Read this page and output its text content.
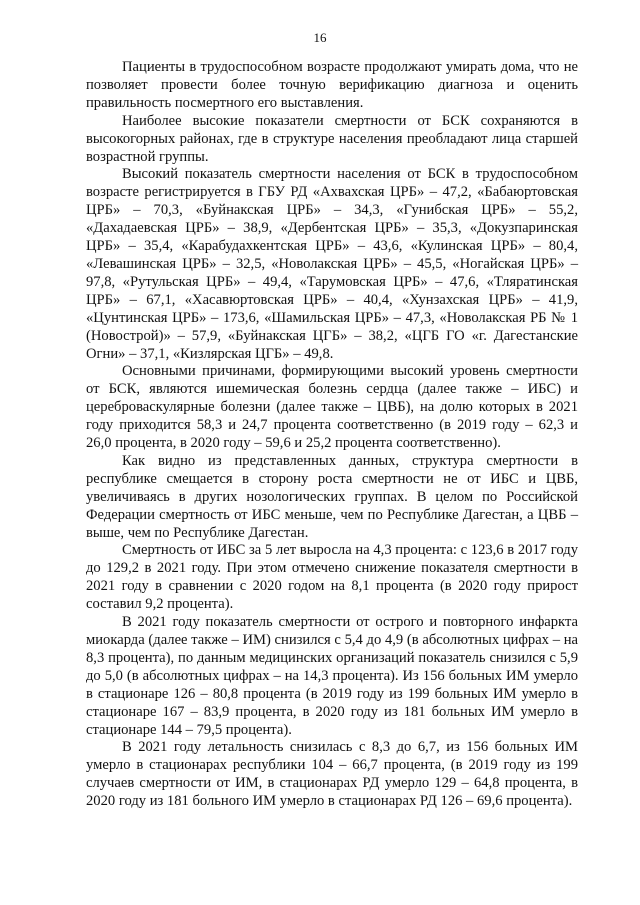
16

Пациенты в трудоспособном возрасте продолжают умирать дома, что не позволяет провести более точную верификацию диагноза и оценить правильность посмертного его выставления.

Наиболее высокие показатели смертности от БСК сохраняются в высокогорных районах, где в структуре населения преобладают лица старшей возрастной группы.

Высокий показатель смертности населения от БСК в трудоспособном возрасте регистрируется в ГБУ РД «Ахвахская ЦРБ» – 47,2, «Бабаюртовская ЦРБ» – 70,3, «Буйнакская ЦРБ» – 34,3, «Гунибская ЦРБ» – 55,2, «Дахадаевская ЦРБ» – 38,9, «Дербентская ЦРБ» – 35,3, «Докузпаринская ЦРБ» – 35,4, «Карабудахкентская ЦРБ» – 43,6, «Кулинская ЦРБ» – 80,4, «Левашинская ЦРБ» – 32,5, «Новолакская ЦРБ» – 45,5, «Ногайская ЦРБ» – 97,8, «Рутульская ЦРБ» – 49,4, «Тарумовская ЦРБ» – 47,6, «Тляратинская ЦРБ» – 67,1, «Хасавюртовская ЦРБ» – 40,4, «Хунзахская ЦРБ» – 41,9, «Цунтинская ЦРБ» – 173,6, «Шамильская ЦРБ» – 47,3, «Новолакская РБ № 1 (Новострой)» – 57,9, «Буйнакская ЦГБ» – 38,2, «ЦГБ ГО «г. Дагестанские Огни» – 37,1, «Кизлярская ЦГБ» – 49,8.

Основными причинами, формирующими высокий уровень смертности от БСК, являются ишемическая болезнь сердца (далее также – ИБС) и цереброваскулярные болезни (далее также – ЦВБ), на долю которых в 2021 году приходится 58,3 и 24,7 процента соответственно (в 2019 году – 62,3 и 26,0 процента, в 2020 году – 59,6 и 25,2 процента соответственно).

Как видно из представленных данных, структура смертности в республике смещается в сторону роста смертности не от ИБС и ЦВБ, увеличиваясь в других нозологических группах. В целом по Российской Федерации смертность от ИБС меньше, чем по Республике Дагестан, а ЦВБ – выше, чем по Республике Дагестан.

Смертность от ИБС за 5 лет выросла на 4,3 процента: с 123,6 в 2017 году до 129,2 в 2021 году. При этом отмечено снижение показателя смертности в 2021 году в сравнении с 2020 годом на 8,1 процента (в 2020 году прирост составил 9,2 процента).

В 2021 году показатель смертности от острого и повторного инфаркта миокарда (далее также – ИМ) снизился с 5,4 до 4,9 (в абсолютных цифрах – на 8,3 процента), по данным медицинских организаций показатель снизился с 5,9 до 5,0 (в абсолютных цифрах – на 14,3 процента). Из 156 больных ИМ умерло в стационаре 126 – 80,8 процента (в 2019 году из 199 больных ИМ умерло в стационаре 167 – 83,9 процента, в 2020 году из 181 больных ИМ умерло в стационаре 144 – 79,5 процента).

В 2021 году летальность снизилась с 8,3 до 6,7, из 156 больных ИМ умерло в стационарах республики 104 – 66,7 процента, (в 2019 году из 199 случаев смертности от ИМ, в стационарах РД умерло 129 – 64,8 процента, в 2020 году из 181 больного ИМ умерло в стационарах РД 126 – 69,6 процента).
